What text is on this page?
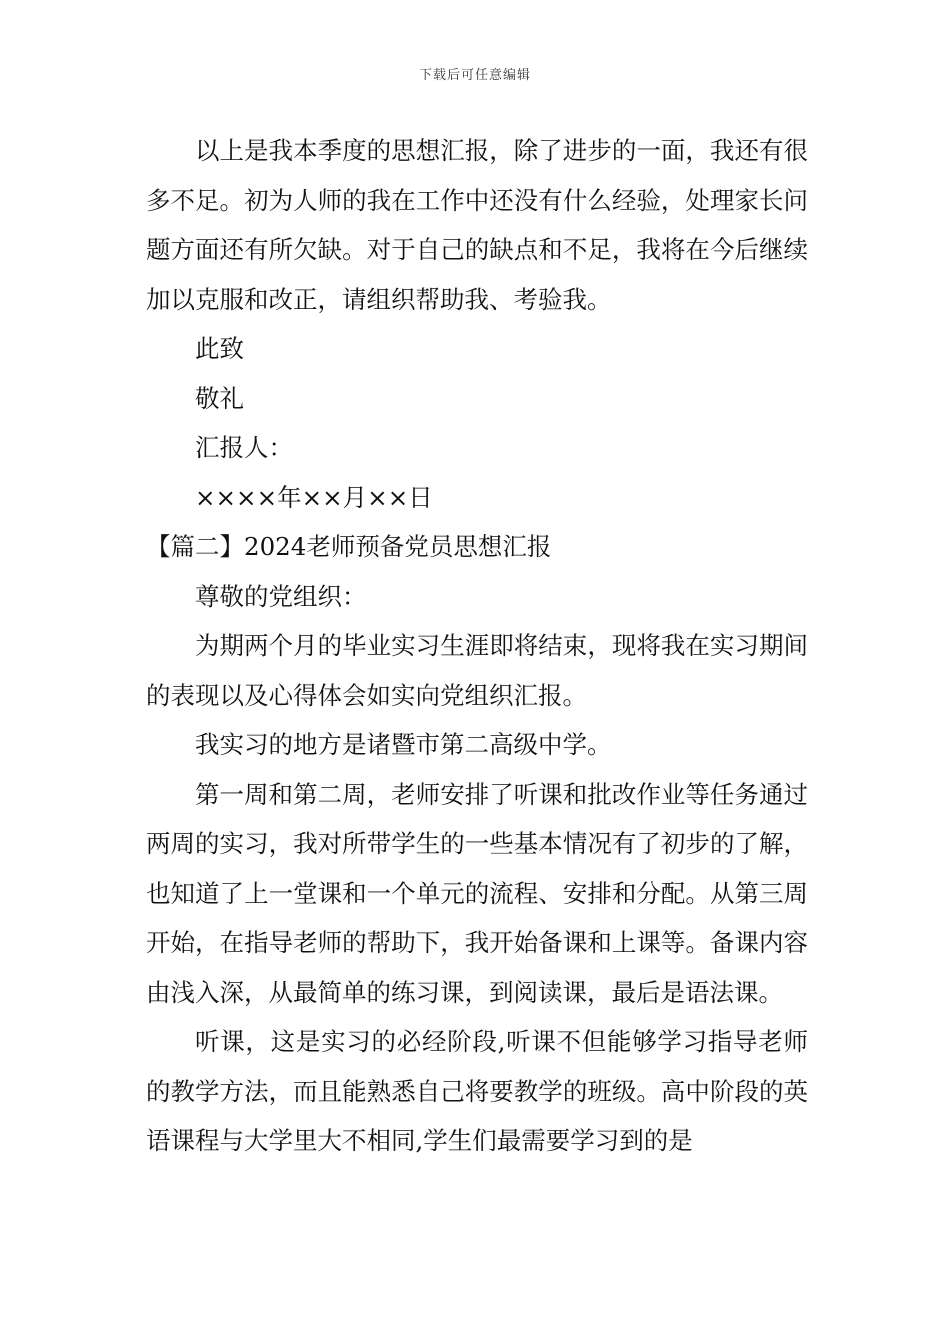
下载后可任意编辑

以上是我本季度的思想汇报，除了进步的一面，我还有很多不足。初为人师的我在工作中还没有什么经验，处理家长问题方面还有所欠缺。对于自己的缺点和不足，我将在今后继续加以克服和改正，请组织帮助我、考验我。

此致

敬礼

汇报人：

××××年××月××日

【篇二】2024老师预备党员思想汇报

尊敬的党组织：

为期两个月的毕业实习生涯即将结束，现将我在实习期间的表现以及心得体会如实向党组织汇报。

我实习的地方是诸暨市第二高级中学。

第一周和第二周，老师安排了听课和批改作业等任务通过两周的实习，我对所带学生的一些基本情况有了初步的了解，也知道了上一堂课和一个单元的流程、安排和分配。从第三周开始，在指导老师的帮助下，我开始备课和上课等。备课内容由浅入深，从最简单的练习课，到阅读课，最后是语法课。

听课，这是实习的必经阶段,听课不但能够学习指导老师的教学方法，而且能熟悉自己将要教学的班级。高中阶段的英语课程与大学里大不相同,学生们最需要学习到的是
